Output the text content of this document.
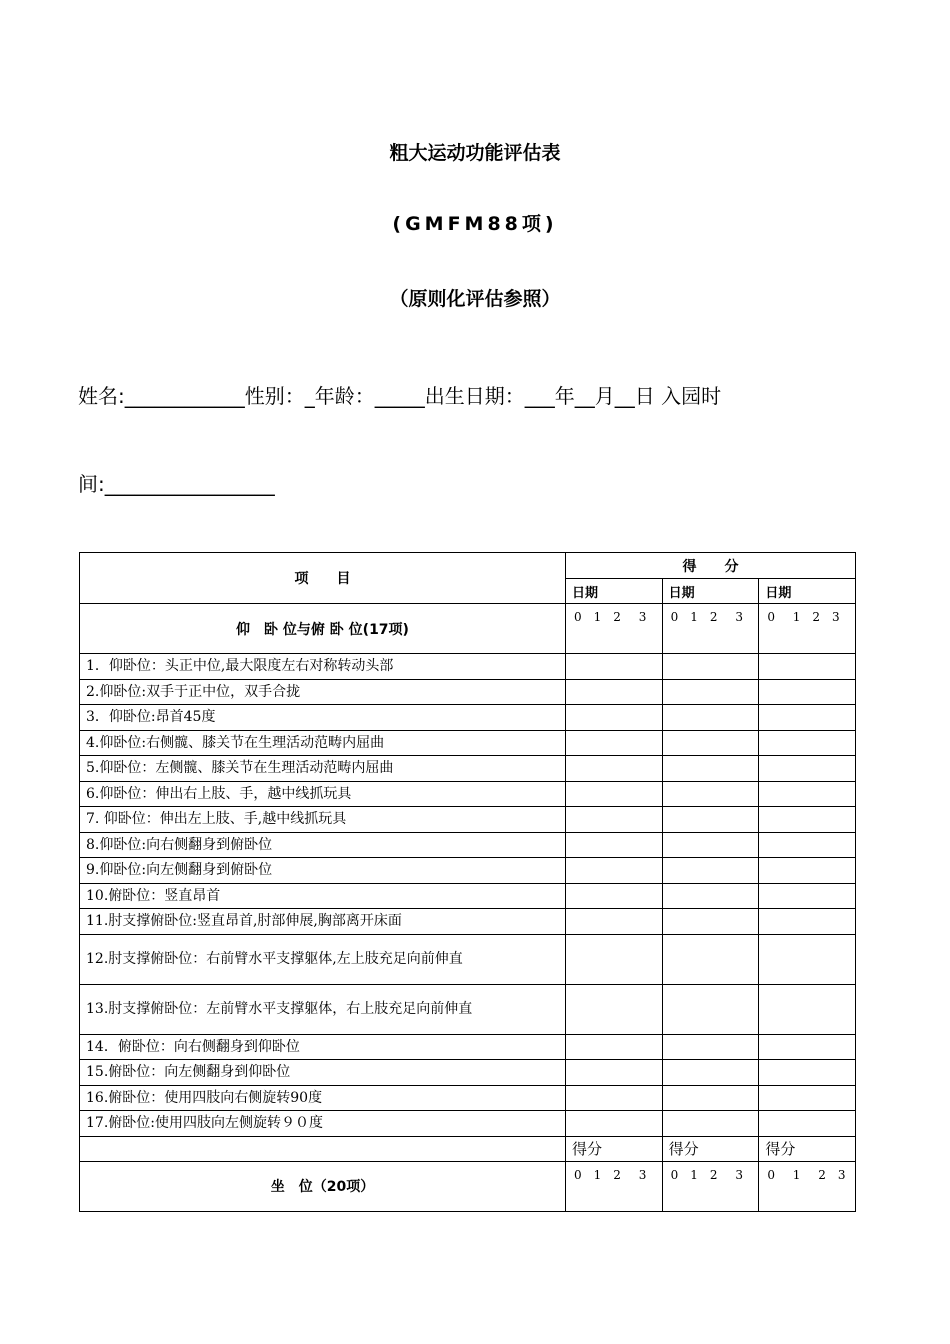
粗大运动功能评估表
(GMFM88项)
（原则化评估参照）
姓名:____________性别：_年龄：_____出生日期：___年__月__日 入园时
间:_________________
项　　目	得　　分		
	日期	日期	日期
仰　卧 位与俯 卧 位(17项)	0　1　2 3	0　1　2 3	0 1　2　3
1．仰卧位：头正中位,最大限度左右对称转动头部			
2.仰卧位:双手于正中位，双手合拢			
3．仰卧位:昂首45度			
4.仰卧位:右侧髋、膝关节在生理活动范畴内屈曲			
5.仰卧位：左侧髋、膝关节在生理活动范畴内屈曲			
6.仰卧位：伸出右上肢、手，越中线抓玩具			
7. 仰卧位：伸出左上肢、手,越中线抓玩具			
8.仰卧位:向右侧翻身到俯卧位			
9.仰卧位:向左侧翻身到俯卧位			
10.俯卧位：竖直昂首			
11.肘支撑俯卧位:竖直昂首,肘部伸展,胸部离开床面			
12.肘支撑俯卧位：右前臂水平支撑躯体,左上肢充足向前伸直			
13.肘支撑俯卧位：左前臂水平支撑躯体，右上肢充足向前伸直			
14．俯卧位：向右侧翻身到仰卧位			
15.俯卧位：向左侧翻身到仰卧位			
16.俯卧位：使用四肢向右侧旋转90度			
17.俯卧位:使用四肢向左侧旋转９０度			
	得分	得分	得分
坐　位（20项）	0　1　2 3	0　1　2 3	0 1 2　3
